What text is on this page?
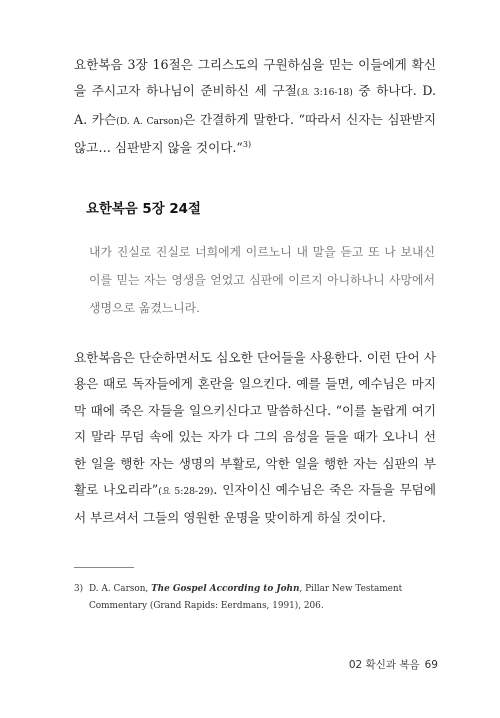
요한복음 3장 16절은 그리스도의 구원하심을 믿는 이들에게 확신을 주시고자 하나님이 준비하신 세 구절(요 3:16-18) 중 하나다. D. A. 카슨(D. A. Carson)은 간결하게 말한다. “따라서 신자는 심판받지 않고… 심판받지 않을 것이다.”$^{3)}$

요한복음 5장 24절

내가 진실로 진실로 너희에게 이르노니 내 말을 듣고 또 나 보내신 이를 믿는 자는 영생을 얻었고 심판에 이르지 아니하나니 사망에서 생명으로 옮겼느니라.

요한복음은 단순하면서도 심오한 단어들을 사용한다. 이런 단어 사용은 때로 독자들에게 혼란을 일으킨다. 예를 들면, 예수님은 마지막 때에 죽은 자들을 일으키신다고 말씀하신다. “이를 놀랍게 여기지 말라 무덤 속에 있는 자가 다 그의 음성을 들을 때가 오나니 선한 일을 행한 자는 생명의 부활로, 악한 일을 행한 자는 심판의 부활로 나오리라”(요 5:28-29). 인자이신 예수님은 죽은 자들을 무덤에서 부르셔서 그들의 영원한 운명을 맞이하게 하실 것이다.

3) D. A. Carson, The Gospel According to John, Pillar New Testament Commentary (Grand Rapids: Eerdmans, 1991), 206.

02 확신과 복음 69
